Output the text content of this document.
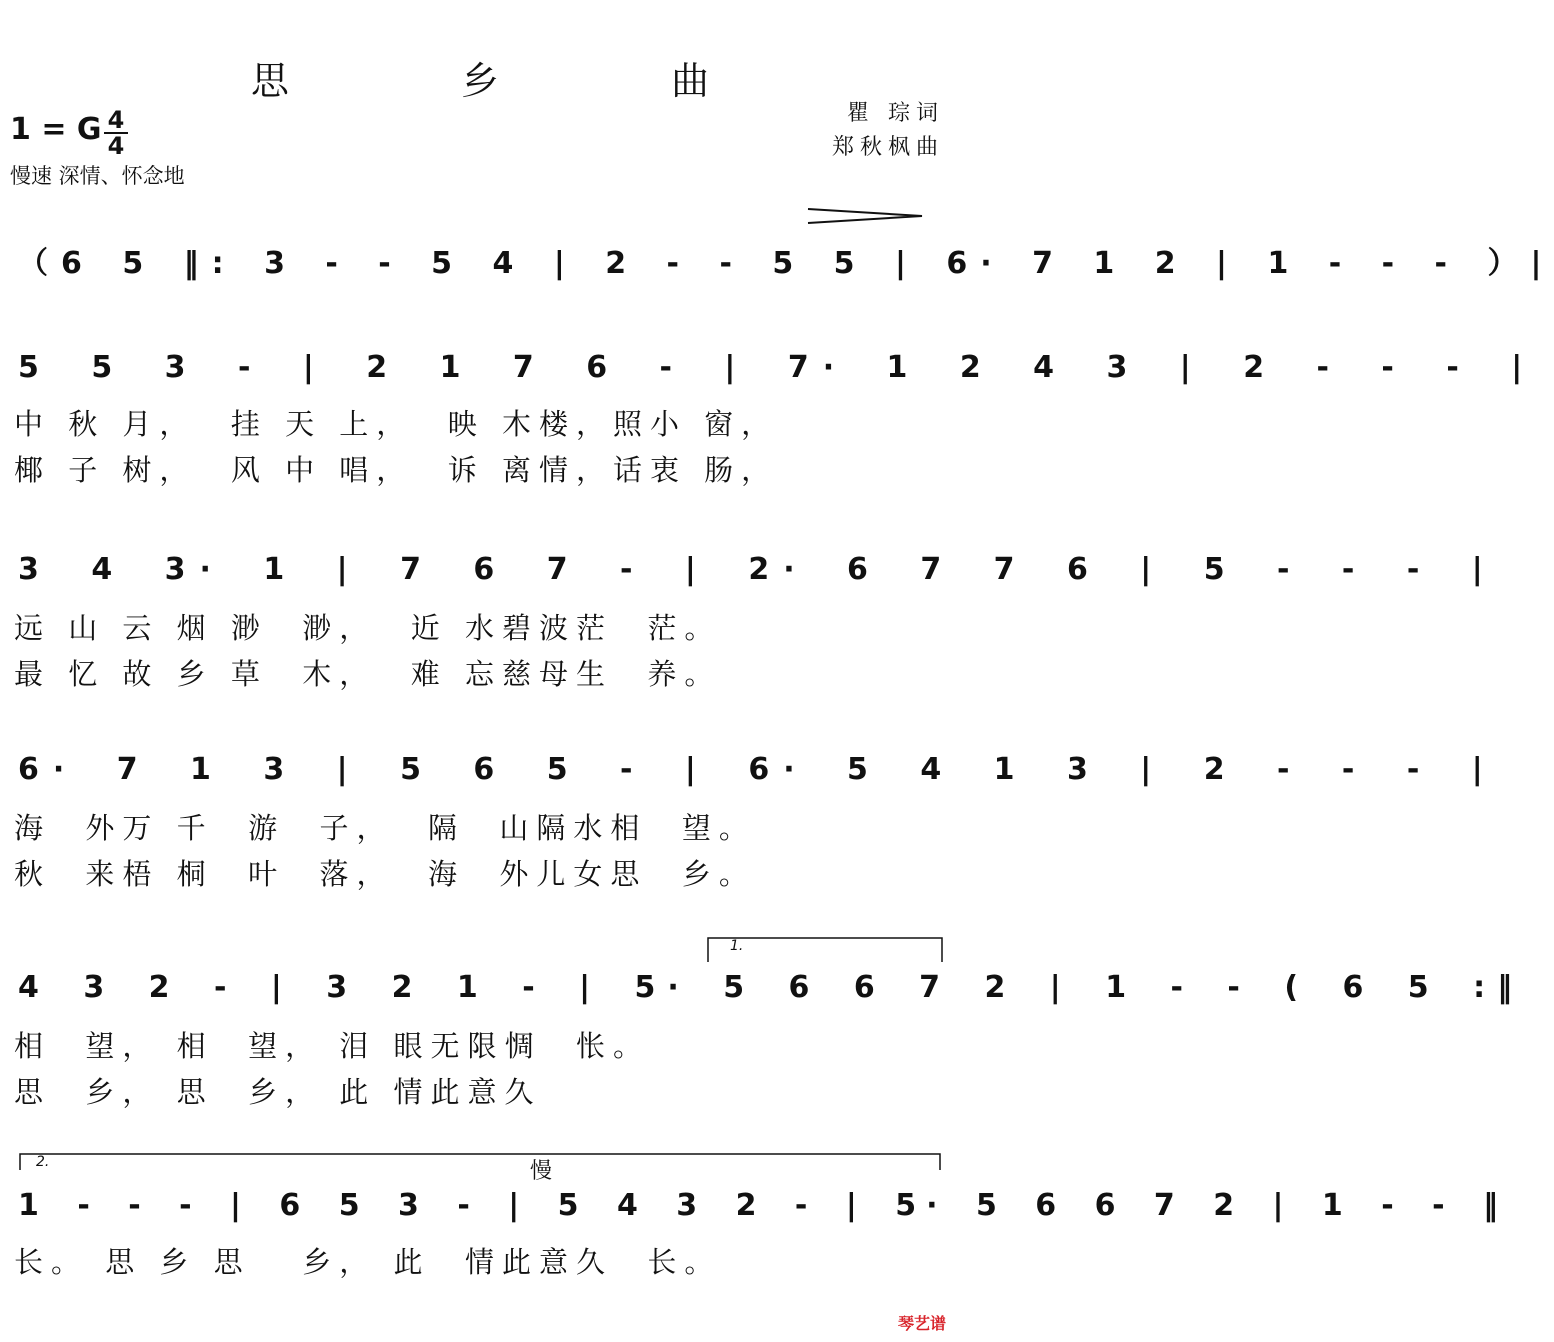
思 乡 曲
1 = G 4
4
慢速 深情、怀念地
瞿 琮词
郑秋枫曲
（6 5 ‖: 3 - - 5 4 | 2 - - 5 5 | 6· 7 1 2 | 1 - - - ）|
5 5 3 - | 2 1 7 6 - | 7· 1 2 4 3 | 2 - - - |
中 秋 月，  挂 天 上，  映 木楼，照小 窗，
椰 子 树，  风 中 唱，  诉 离情，话衷 肠，
3 4 3· 1 | 7 6 7 - | 2· 6 7 7 6 | 5 - - - |
远 山 云 烟 渺  渺，  近 水碧波茫  茫。
最 忆 故 乡 草  木，  难 忘慈母生  养。
6· 7 1 3 | 5 6 5 - | 6· 5 4 1 3 | 2 - - - |
海  外万 千  游  子，  隔  山隔水相  望。
秋  来梧 桐  叶  落，  海  外儿女思  乡。
1.
4 3 2 - | 3 2 1 - | 5· 5 6 6 7 2 | 1 - - ( 6 5 :‖
相  望， 相  望， 泪 眼无限惆  怅。
思  乡， 思  乡， 此 情此意久
2.	慢
1 - - - | 6 5 3 - | 5 4 3 2 - | 5· 5 6 6 7 2 | 1 - - ‖
长。 思 乡 思   乡， 此  情此意久  长。
琴艺谱
